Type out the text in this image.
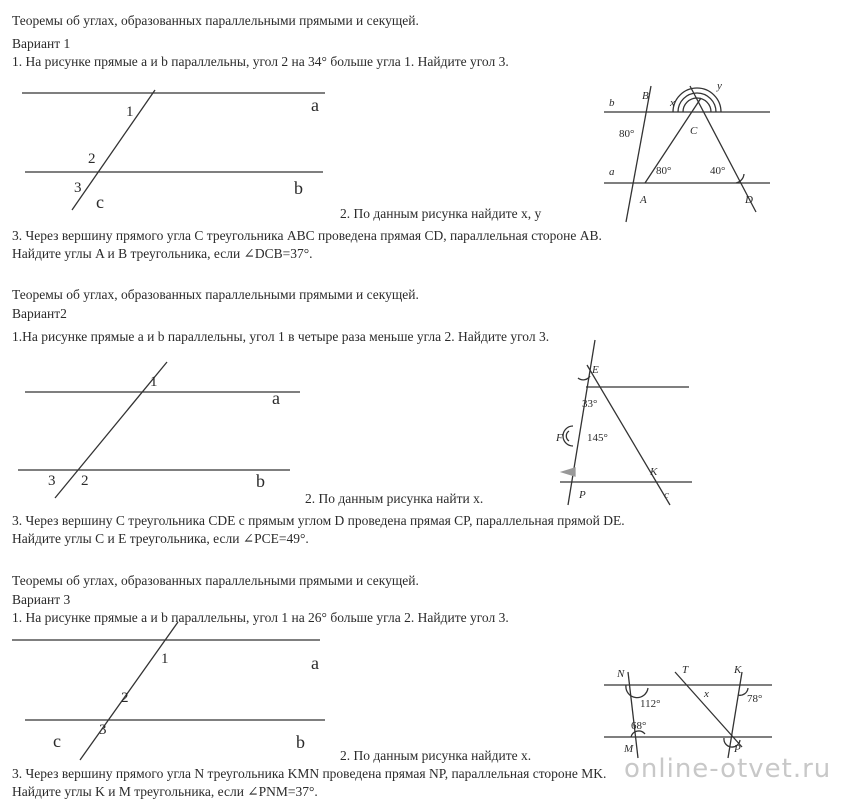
Теоремы об углах, образованных параллельными прямыми и секущей.
Вариант 1
1. На рисунке прямые a и b параллельны, угол 2 на 34° больше угла 1. Найдите угол 3.
1
2
3
a
b
c
b
B
x
y
C
80°
a	80°	40°
A	D
2. По данным рисунка найдите x, y
3. Через вершину прямого угла C треугольника ABC проведена прямая CD, параллельная стороне AB.
Найдите углы A и B треугольника, если ∠DCB=37°.
Теоремы об углах, образованных параллельными прямыми и секущей.
Вариант2
1.На рисунке прямые a и b параллельны, угол 1 в четыре раза меньше угла 2. Найдите угол 3.
1
3 2
a
b
E
33°
F 145°
P
K
c
2. По данным рисунка найти x.
3. Через вершину C треугольника CDE с прямым углом D проведена прямая CP, параллельная прямой DE.
Найдите углы C и E треугольника, если ∠PCE=49°.
Теоремы об углах, образованных параллельными прямыми и секущей.
Вариант 3
1. На рисунке прямые a и b параллельны, угол 1 на 26° больше угла 2. Найдите угол 3.
1
2
3
a
b
c
N	T	K
112°
x	78°
68°
M	P
2. По данным рисунка найдите x.
3. Через вершину прямого угла N треугольника KMN проведена прямая NP, параллельная стороне MK.
Найдите углы K и M треугольника, если ∠PNM=37°.
online-otvet.ru
